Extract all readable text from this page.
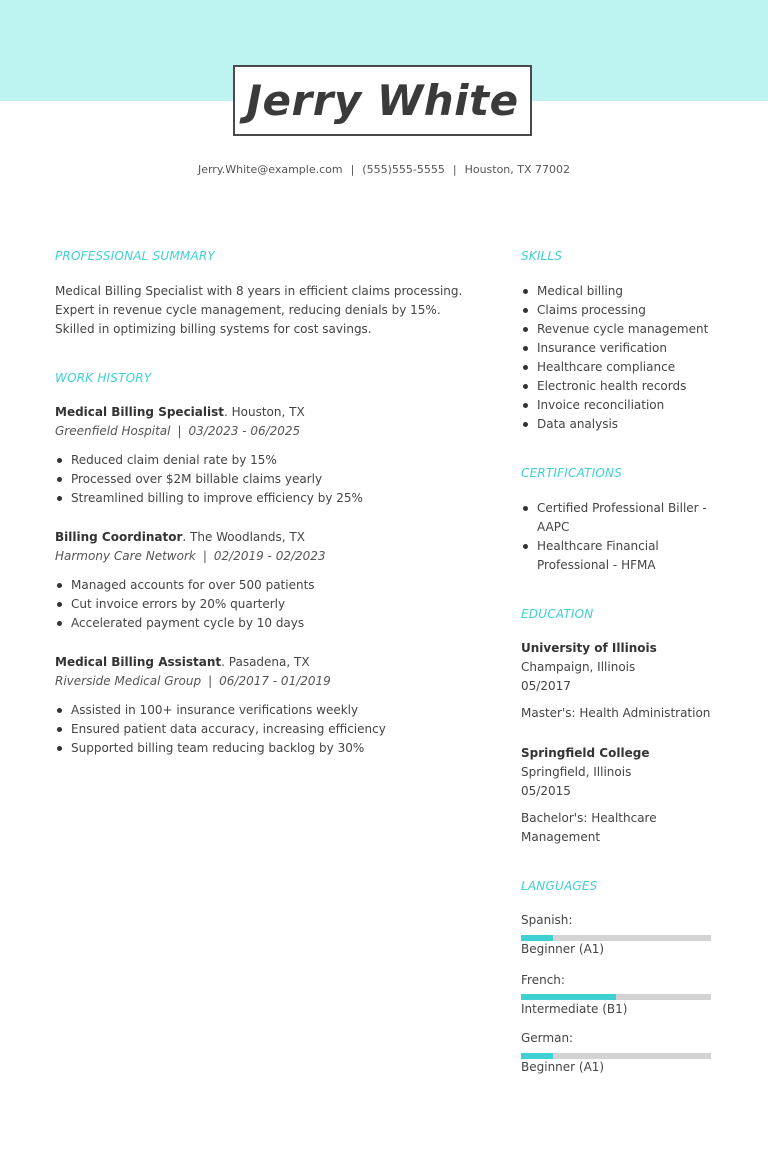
Jerry White
Jerry.White@example.com | (555)555-5555 | Houston, TX 77002
PROFESSIONAL SUMMARY
Medical Billing Specialist with 8 years in efficient claims processing. Expert in revenue cycle management, reducing denials by 15%. Skilled in optimizing billing systems for cost savings.
WORK HISTORY
Medical Billing Specialist. Houston, TX
Greenfield Hospital | 03/2023 - 06/2025
Reduced claim denial rate by 15%
Processed over $2M billable claims yearly
Streamlined billing to improve efficiency by 25%
Billing Coordinator. The Woodlands, TX
Harmony Care Network | 02/2019 - 02/2023
Managed accounts for over 500 patients
Cut invoice errors by 20% quarterly
Accelerated payment cycle by 10 days
Medical Billing Assistant. Pasadena, TX
Riverside Medical Group | 06/2017 - 01/2019
Assisted in 100+ insurance verifications weekly
Ensured patient data accuracy, increasing efficiency
Supported billing team reducing backlog by 30%
SKILLS
Medical billing
Claims processing
Revenue cycle management
Insurance verification
Healthcare compliance
Electronic health records
Invoice reconciliation
Data analysis
CERTIFICATIONS
Certified Professional Biller - AAPC
Healthcare Financial Professional - HFMA
EDUCATION
University of Illinois
Champaign, Illinois
05/2017
Master's: Health Administration
Springfield College
Springfield, Illinois
05/2015
Bachelor's: Healthcare Management
LANGUAGES
Spanish:
Beginner (A1)
French:
Intermediate (B1)
German:
Beginner (A1)
